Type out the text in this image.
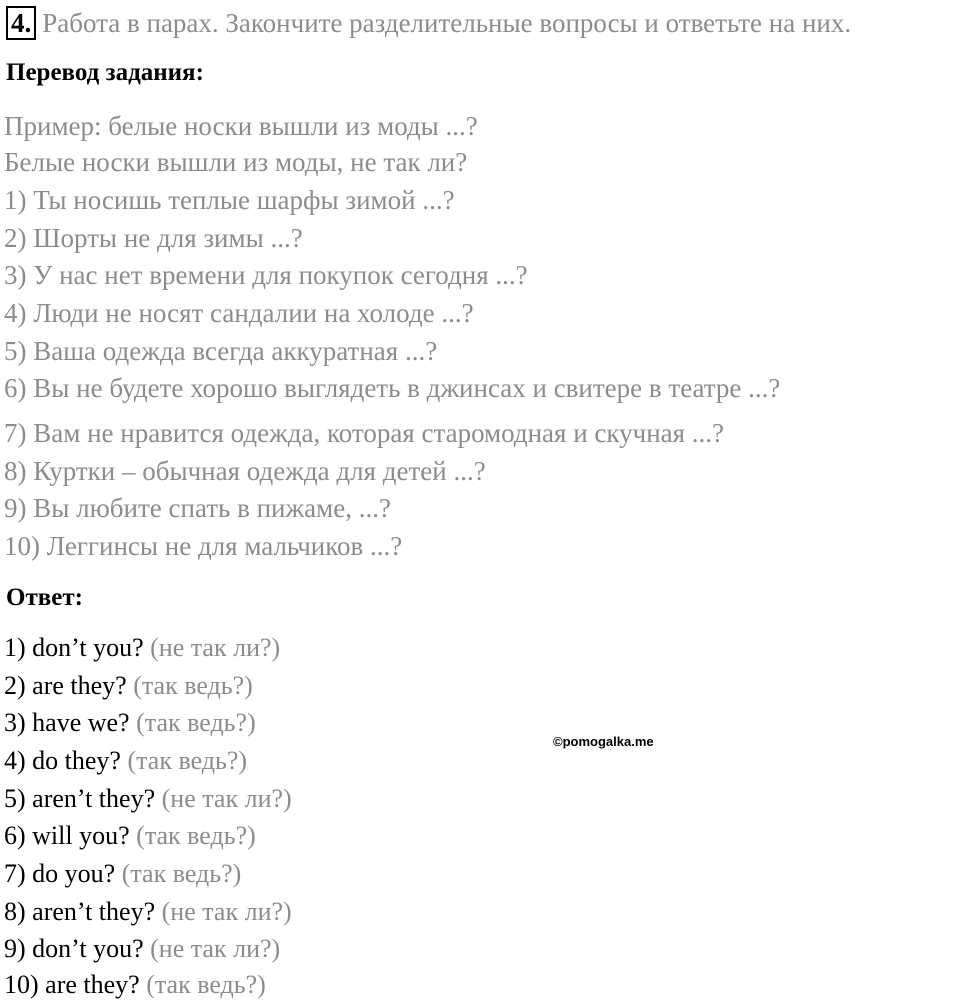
4. Работа в парах. Закончите разделительные вопросы и ответьте на них.
Перевод задания:
Пример: белые носки вышли из моды ...?
Белые носки вышли из моды, не так ли?
1) Ты носишь теплые шарфы зимой ...?
2) Шорты не для зимы ...?
3) У нас нет времени для покупок сегодня ...?
4) Люди не носят сандалии на холоде ...?
5) Ваша одежда всегда аккуратная ...?
6) Вы не будете хорошо выглядеть в джинсах и свитере в театре ...?
7) Вам не нравится одежда, которая старомодная и скучная ...?
8) Куртки – обычная одежда для детей ...?
9) Вы любите спать в пижаме, ...?
10) Леггинсы не для мальчиков ...?
Ответ:
1) don’t you? (не так ли?)
2) are they? (так ведь?)
3) have we? (так ведь?)
4) do they? (так ведь?)
5) aren’t they? (не так ли?)
6) will you? (так ведь?)
7) do you? (так ведь?)
8) aren’t they? (не так ли?)
9) don’t you? (не так ли?)
10) are they? (так ведь?)
©pomogalka.me
